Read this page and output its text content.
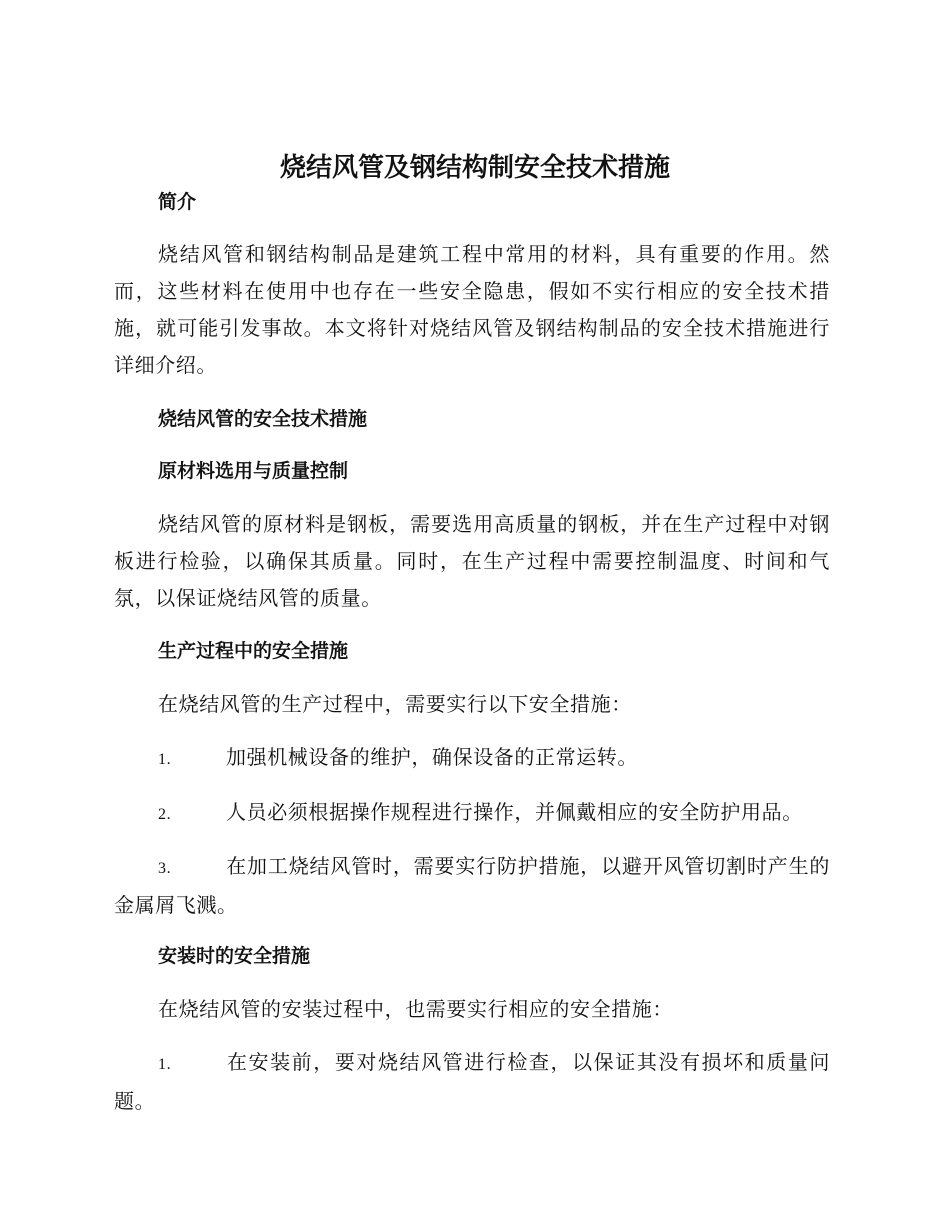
烧结风管及钢结构制安全技术措施
简介
烧结风管和钢结构制品是建筑工程中常用的材料，具有重要的作用。然而，这些材料在使用中也存在一些安全隐患，假如不实行相应的安全技术措施，就可能引发事故。本文将针对烧结风管及钢结构制品的安全技术措施进行详细介绍。
烧结风管的安全技术措施
原材料选用与质量控制
烧结风管的原材料是钢板，需要选用高质量的钢板，并在生产过程中对钢板进行检验，以确保其质量。同时，在生产过程中需要控制温度、时间和气氛，以保证烧结风管的质量。
生产过程中的安全措施
在烧结风管的生产过程中，需要实行以下安全措施：
1.	加强机械设备的维护，确保设备的正常运转。
2.	人员必须根据操作规程进行操作，并佩戴相应的安全防护用品。
3.	在加工烧结风管时，需要实行防护措施，以避开风管切割时产生的金属屑飞溅。
安装时的安全措施
在烧结风管的安装过程中，也需要实行相应的安全措施：
1.	在安装前，要对烧结风管进行检查，以保证其没有损坏和质量问题。
